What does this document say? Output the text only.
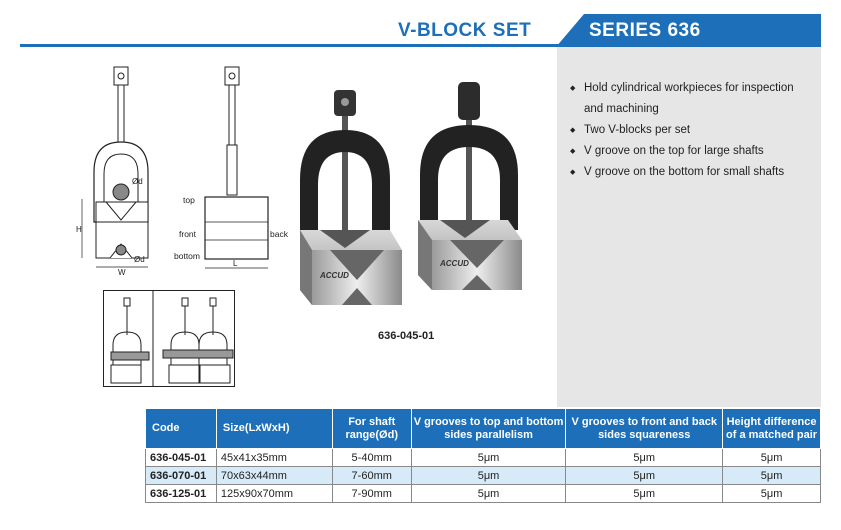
V-BLOCK SET	SERIES 636
◆ Hold cylindrical workpieces for inspection and machining
◆ Two V-blocks per set
◆ V groove on the top for large shafts
◆ V groove on the bottom for small shafts
H
W
Ød
Ød	L
top
front	back
bottom
ACCUD
ACCUD
636-045-01
Code	Size(LxWxH)	For shaft range(Ød)	V grooves to top and bottom sides parallelism	V grooves to front and back sides squareness	Height difference of a matched pair
636-045-01	45x41x35mm	5-40mm	5μm	5μm	5μm
636-070-01	70x63x44mm	7-60mm	5μm	5μm	5μm
636-125-01	125x90x70mm	7-90mm	5μm	5μm	5μm
